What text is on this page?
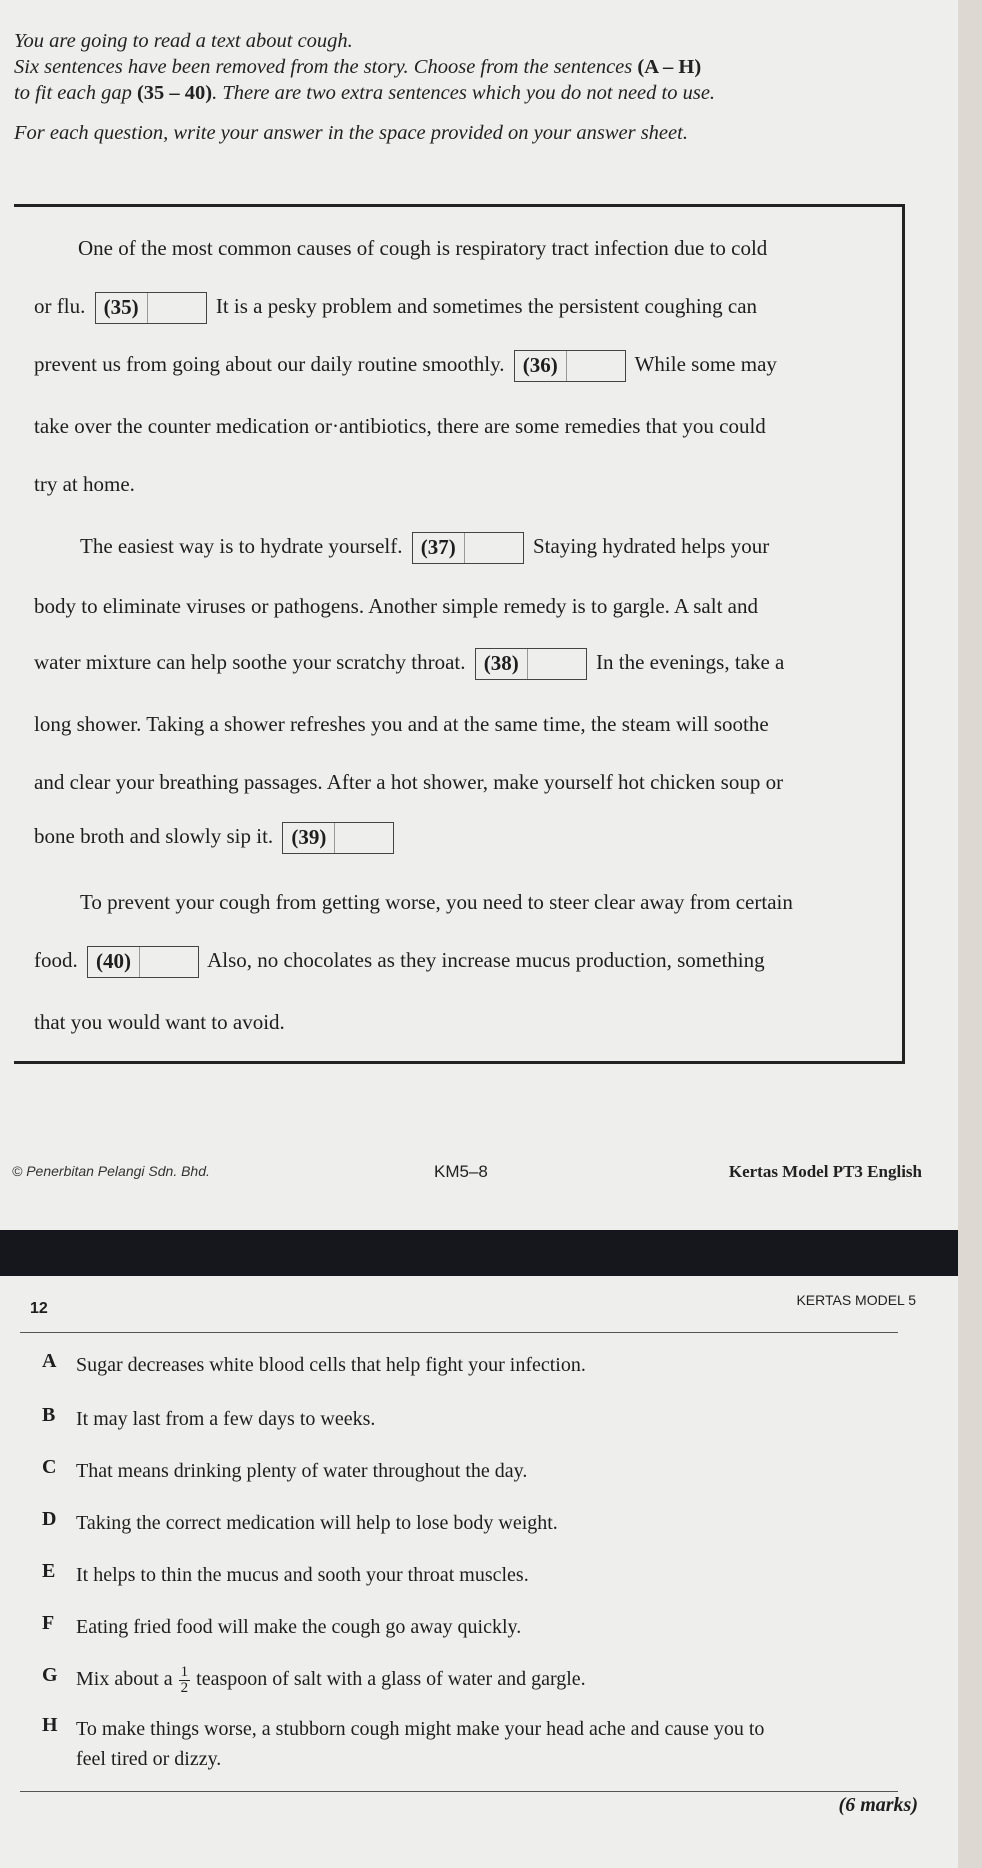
You are going to read a text about cough.
Six sentences have been removed from the story. Choose from the sentences (A – H)
to fit each gap (35 – 40). There are two extra sentences which you do not need to use.
For each question, write your answer in the space provided on your answer sheet.
One of the most common causes of cough is respiratory tract infection due to cold
or flu. (35)	It is a pesky problem and sometimes the persistent coughing can
prevent us from going about our daily routine smoothly. (36)	While some may
take over the counter medication or·antibiotics, there are some remedies that you could
try at home.
The easiest way is to hydrate yourself. (37)	Staying hydrated helps your
body to eliminate viruses or pathogens. Another simple remedy is to gargle. A salt and
water mixture can help soothe your scratchy throat. (38)	In the evenings, take a
long shower. Taking a shower refreshes you and at the same time, the steam will soothe
and clear your breathing passages. After a hot shower, make yourself hot chicken soup or
bone broth and slowly sip it. (39)
To prevent your cough from getting worse, you need to steer clear away from certain
food. (40)	Also, no chocolates as they increase mucus production, something
that you would want to avoid.
© Penerbitan Pelangi Sdn. Bhd.	KM5–8	Kertas Model PT3 English
12	KERTAS MODEL 5
A Sugar decreases white blood cells that help fight your infection.
B	It may last from a few days to weeks.
C That means drinking plenty of water throughout the day.
D Taking the correct medication will help to lose body weight.
E	It helps to thin the mucus and sooth your throat muscles.
F	Eating fried food will make the cough go away quickly.
G Mix about a $\frac{1}{2}$ teaspoon of salt with a glass of water and gargle.
H To make things worse, a stubborn cough might make your head ache and cause you to
feel tired or dizzy.
(6 marks)
